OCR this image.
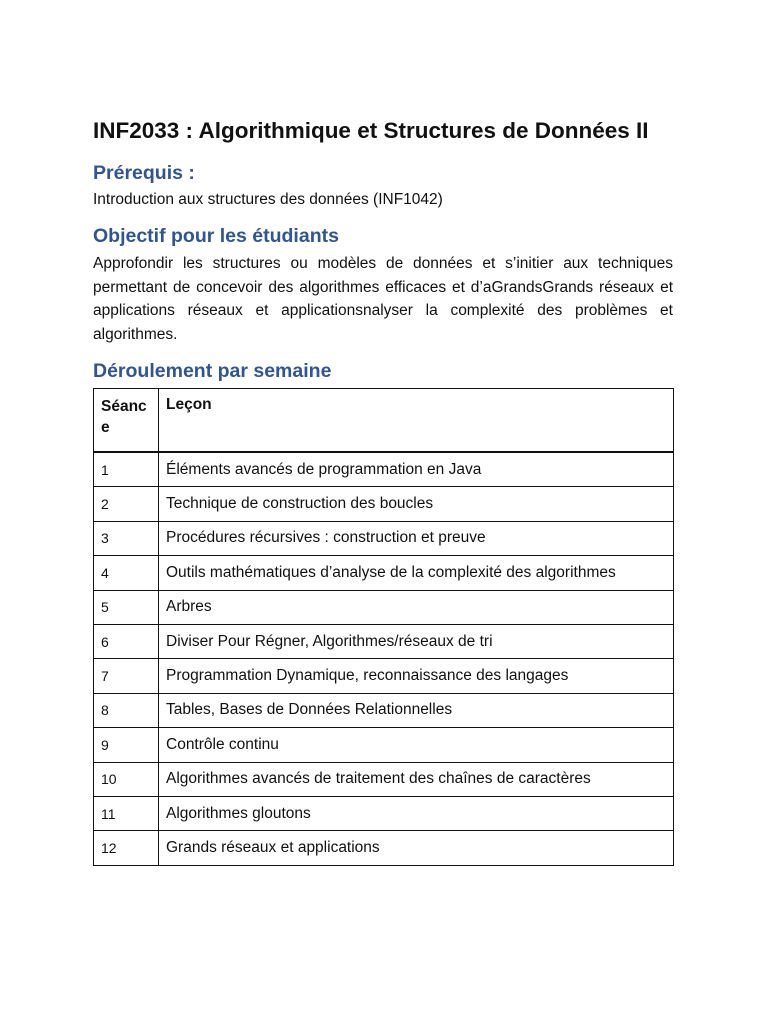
INF2033 : Algorithmique et Structures de Données II
Prérequis :
Introduction aux structures des données (INF1042)
Objectif pour les étudiants
Approfondir les structures ou modèles de données et s’initier aux techniques permettant de concevoir des algorithmes efficaces et d’aGrandsGrands réseaux et applications réseaux et applicationsnalyser la complexité des problèmes et algorithmes.
Déroulement par semaine
Séance	Leçon
1	Éléments avancés de programmation en Java
2	Technique de construction des boucles
3	Procédures récursives : construction et preuve
4	Outils mathématiques d’analyse de la complexité des algorithmes
5	Arbres
6	Diviser Pour Régner, Algorithmes/réseaux de tri
7	Programmation Dynamique, reconnaissance des langages
8	Tables, Bases de Données Relationnelles
9	Contrôle continu
10	Algorithmes avancés de traitement des chaînes de caractères
11	Algorithmes gloutons
12	Grands réseaux et applications
